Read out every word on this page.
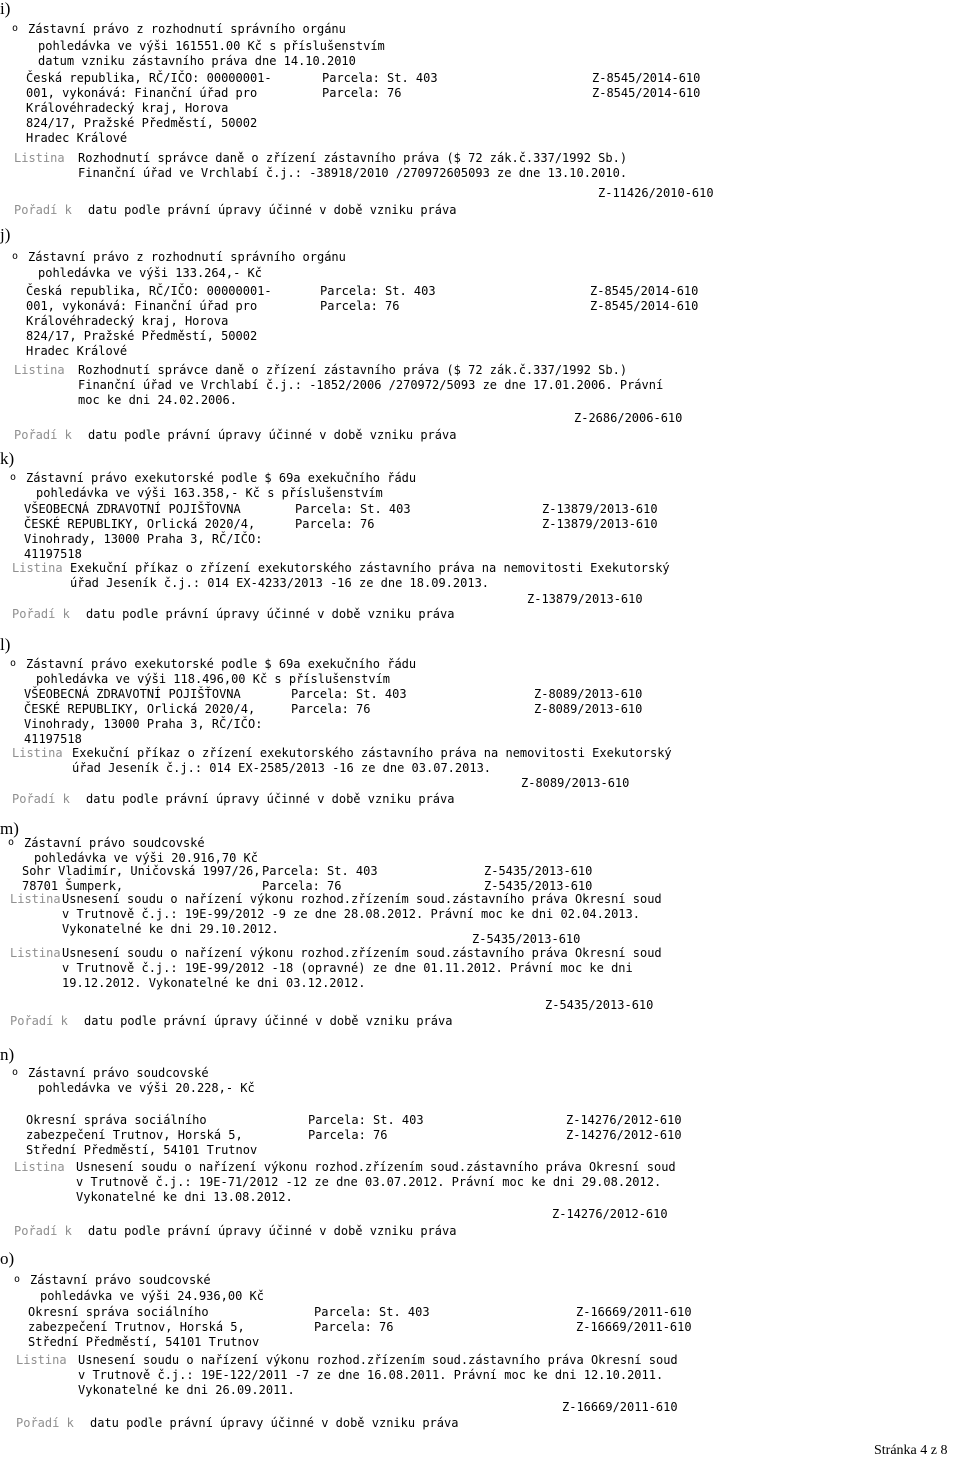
i)
o Zástavní právo z rozhodnutí správního orgánu
pohledávka ve výši 161551.00 Kč s příslušenstvím
datum vzniku zástavního práva dne 14.10.2010
Česká republika, RČ/IČO: 00000001-
001, vykonává: Finanční úřad pro
Královéhradecký kraj, Horova
824/17, Pražské Předměstí, 50002
Hradec Králové
Parcela: St. 403
Parcela: 76
Z-8545/2014-610
Z-8545/2014-610
Listina Rozhodnutí správce daně o zřízení zástavního práva ($ 72 zák.č.337/1992 Sb.)
Finanční úřad ve Vrchlabí č.j.: -38918/2010 /270972605093 ze dne 13.10.2010.
Z-11426/2010-610
Pořadí k datu podle právní úpravy účinné v době vzniku práva
j)
o Zástavní právo z rozhodnutí správního orgánu
pohledávka ve výši 133.264,- Kč
Česká republika, RČ/IČO: 00000001-
001, vykonává: Finanční úřad pro
Královéhradecký kraj, Horova
824/17, Pražské Předměstí, 50002
Hradec Králové
Parcela: St. 403
Parcela: 76
Z-8545/2014-610
Z-8545/2014-610
Listina Rozhodnutí správce daně o zřízení zástavního práva ($ 72 zák.č.337/1992 Sb.)
Finanční úřad ve Vrchlabí č.j.: -1852/2006 /270972/5093 ze dne 17.01.2006. Právní
moc ke dni 24.02.2006.
Z-2686/2006-610
Pořadí k datu podle právní úpravy účinné v době vzniku práva
k)
o Zástavní právo exekutorské podle $ 69a exekučního řádu
pohledávka ve výši 163.358,- Kč s příslušenstvím
VŠEOBECNÁ ZDRAVOTNÍ POJIŠŤOVNA
ČESKÉ REPUBLIKY, Orlická 2020/4,
Vinohrady, 13000 Praha 3, RČ/IČO:
41197518
Parcela: St. 403
Parcela: 76
Z-13879/2013-610
Z-13879/2013-610
Listina Exekuční příkaz o zřízení exekutorského zástavního práva na nemovitosti Exekutorský
úřad Jeseník č.j.: 014 EX-4233/2013 -16 ze dne 18.09.2013.
Z-13879/2013-610
Pořadí k datu podle právní úpravy účinné v době vzniku práva
l)
o Zástavní právo exekutorské podle $ 69a exekučního řádu
pohledávka ve výši 118.496,00 Kč s příslušenstvím
VŠEOBECNÁ ZDRAVOTNÍ POJIŠŤOVNA
ČESKÉ REPUBLIKY, Orlická 2020/4,
Vinohrady, 13000 Praha 3, RČ/IČO:
41197518
Parcela: St. 403
Parcela: 76
Z-8089/2013-610
Z-8089/2013-610
Listina Exekuční příkaz o zřízení exekutorského zástavního práva na nemovitosti Exekutorský
úřad Jeseník č.j.: 014 EX-2585/2013 -16 ze dne 03.07.2013.
Z-8089/2013-610
Pořadí k datu podle právní úpravy účinné v době vzniku práva
m)
o Zástavní právo soudcovské
pohledávka ve výši 20.916,70 Kč
Sohr Vladimír, Uničovská 1997/26,
78701 Šumperk,
Parcela: St. 403
Parcela: 76
Z-5435/2013-610
Z-5435/2013-610
Listina Usnesení soudu o nařízení výkonu rozhod.zřízením soud.zástavního práva Okresní soud
v Trutnově č.j.: 19E-99/2012 -9 ze dne 28.08.2012. Právní moc ke dni 02.04.2013.
Vykonatelné ke dni 29.10.2012.
Z-5435/2013-610
Listina Usnesení soudu o nařízení výkonu rozhod.zřízením soud.zástavního práva Okresní soud
v Trutnově č.j.: 19E-99/2012 -18 (opravné) ze dne 01.11.2012. Právní moc ke dni
19.12.2012. Vykonatelné ke dni 03.12.2012.
Z-5435/2013-610
Pořadí k datu podle právní úpravy účinné v době vzniku práva
n)
o Zástavní právo soudcovské
pohledávka ve výši 20.228,- Kč
Okresní správa sociálního
zabezpečení Trutnov, Horská 5,
Střední Předměstí, 54101 Trutnov
Parcela: St. 403
Parcela: 76
Z-14276/2012-610
Z-14276/2012-610
Listina Usnesení soudu o nařízení výkonu rozhod.zřízením soud.zástavního práva Okresní soud
v Trutnově č.j.: 19E-71/2012 -12 ze dne 03.07.2012. Právní moc ke dni 29.08.2012.
Vykonatelné ke dni 13.08.2012.
Z-14276/2012-610
Pořadí k datu podle právní úpravy účinné v době vzniku práva
o)
o Zástavní právo soudcovské
pohledávka ve výši 24.936,00 Kč
Okresní správa sociálního
zabezpečení Trutnov, Horská 5,
Střední Předměstí, 54101 Trutnov
Parcela: St. 403
Parcela: 76
Z-16669/2011-610
Z-16669/2011-610
Listina Usnesení soudu o nařízení výkonu rozhod.zřízením soud.zástavního práva Okresní soud
v Trutnově č.j.: 19E-122/2011 -7 ze dne 16.08.2011. Právní moc ke dni 12.10.2011.
Vykonatelné ke dni 26.09.2011.
Z-16669/2011-610
Pořadí k datu podle právní úpravy účinné v době vzniku práva
Stránka 4 z 8
